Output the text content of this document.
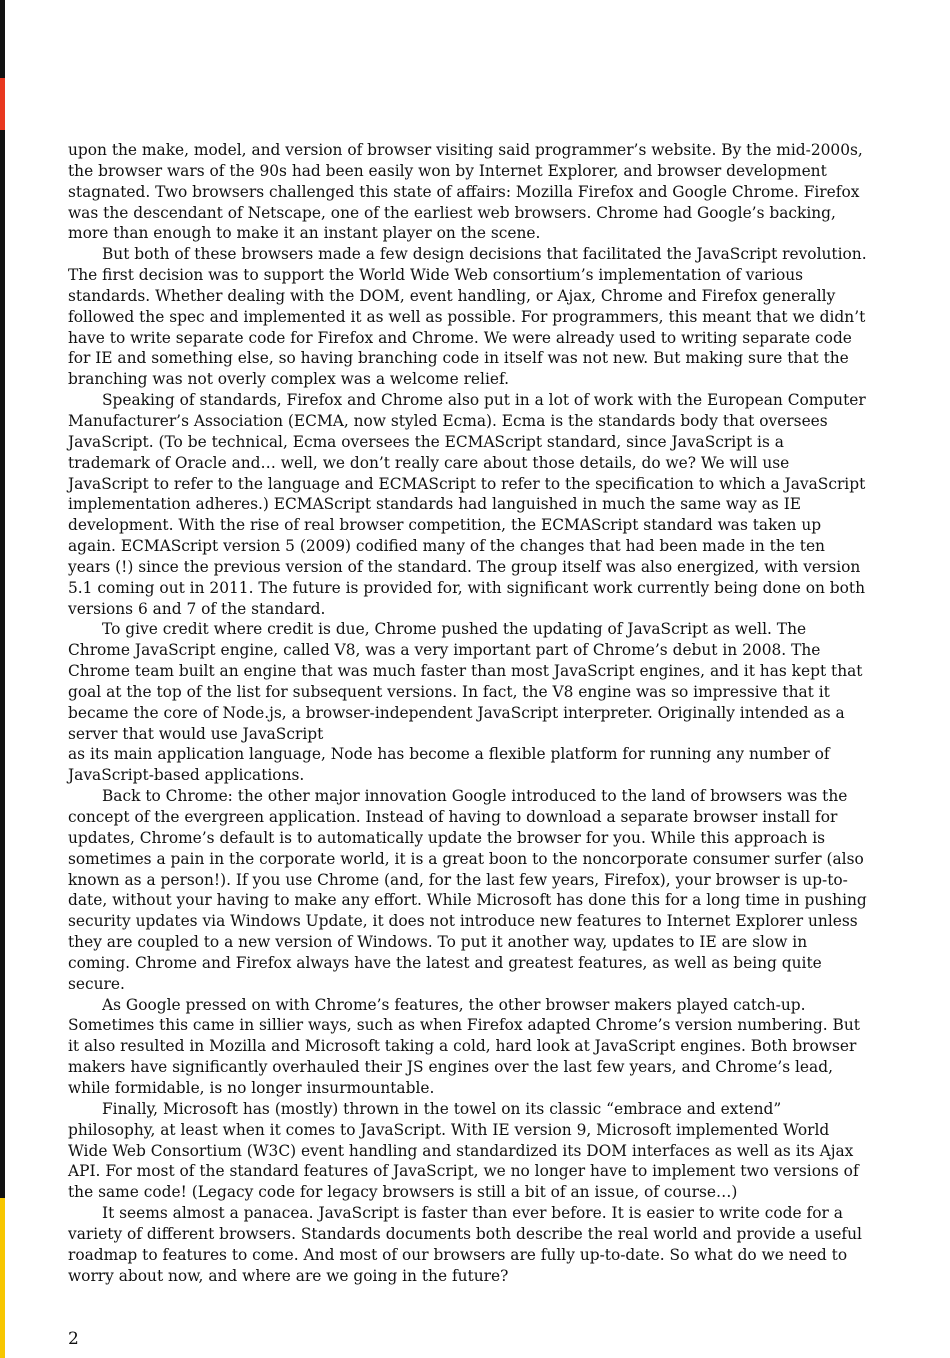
upon the make, model, and version of browser visiting said programmer’s website. By the mid-2000s, the browser wars of the 90s had been easily won by Internet Explorer, and browser development stagnated. Two browsers challenged this state of affairs: Mozilla Firefox and Google Chrome. Firefox was the descendant of Netscape, one of the earliest web browsers. Chrome had Google’s backing, more than enough to make it an instant player on the scene.

But both of these browsers made a few design decisions that facilitated the JavaScript revolution.

The first decision was to support the World Wide Web consortium’s implementation of various standards. Whether dealing with the DOM, event handling, or Ajax, Chrome and Firefox generally followed the spec and implemented it as well as possible. For programmers, this meant that we didn’t have to write separate code for Firefox and Chrome. We were already used to writing separate code for IE and something else, so having branching code in itself was not new. But making sure that the branching was not overly complex was a welcome relief.

Speaking of standards, Firefox and Chrome also put in a lot of work with the European Computer Manufacturer’s Association (ECMA, now styled Ecma). Ecma is the standards body that oversees JavaScript. (To be technical, Ecma oversees the ECMAScript standard, since JavaScript is a trademark of Oracle and… well, we don’t really care about those details, do we? We will use JavaScript to refer to the language and ECMAScript to refer to the specification to which a JavaScript implementation adheres.) ECMAScript standards had languished in much the same way as IE development. With the rise of real browser competition, the ECMAScript standard was taken up again. ECMAScript version 5 (2009) codified many of the changes that had been made in the ten years (!) since the previous version of the standard. The group itself was also energized, with version 5.1 coming out in 2011. The future is provided for, with significant work currently being done on both versions 6 and 7 of the standard.

To give credit where credit is due, Chrome pushed the updating of JavaScript as well. The Chrome JavaScript engine, called V8, was a very important part of Chrome’s debut in 2008. The Chrome team built an engine that was much faster than most JavaScript engines, and it has kept that goal at the top of the list for subsequent versions. In fact, the V8 engine was so impressive that it became the core of Node.js, a browser-independent JavaScript interpreter. Originally intended as a server that would use JavaScript

as its main application language, Node has become a flexible platform for running any number of JavaScript-based applications.

Back to Chrome: the other major innovation Google introduced to the land of browsers was the concept of the evergreen application. Instead of having to download a separate browser install for updates, Chrome’s default is to automatically update the browser for you. While this approach is sometimes a pain in the corporate world, it is a great boon to the noncorporate consumer surfer (also known as a person!). If you use Chrome (and, for the last few years, Firefox), your browser is up-to-date, without your having to make any effort. While Microsoft has done this for a long time in pushing security updates via Windows Update, it does not introduce new features to Internet Explorer unless they are coupled to a new version of Windows. To put it another way, updates to IE are slow in coming. Chrome and Firefox always have the latest and greatest features, as well as being quite secure.

As Google pressed on with Chrome’s features, the other browser makers played catch-up. Sometimes this came in sillier ways, such as when Firefox adapted Chrome’s version numbering. But it also resulted in Mozilla and Microsoft taking a cold, hard look at JavaScript engines. Both browser makers have significantly overhauled their JS engines over the last few years, and Chrome’s lead, while formidable, is no longer insurmountable.

Finally, Microsoft has (mostly) thrown in the towel on its classic “embrace and extend” philosophy, at least when it comes to JavaScript. With IE version 9, Microsoft implemented World Wide Web Consortium (W3C) event handling and standardized its DOM interfaces as well as its Ajax API. For most of the standard features of JavaScript, we no longer have to implement two versions of the same code! (Legacy code for legacy browsers is still a bit of an issue, of course…)

It seems almost a panacea. JavaScript is faster than ever before. It is easier to write code for a variety of different browsers. Standards documents both describe the real world and provide a useful roadmap to features to come. And most of our browsers are fully up-to-date. So what do we need to worry about now, and where are we going in the future?

2
